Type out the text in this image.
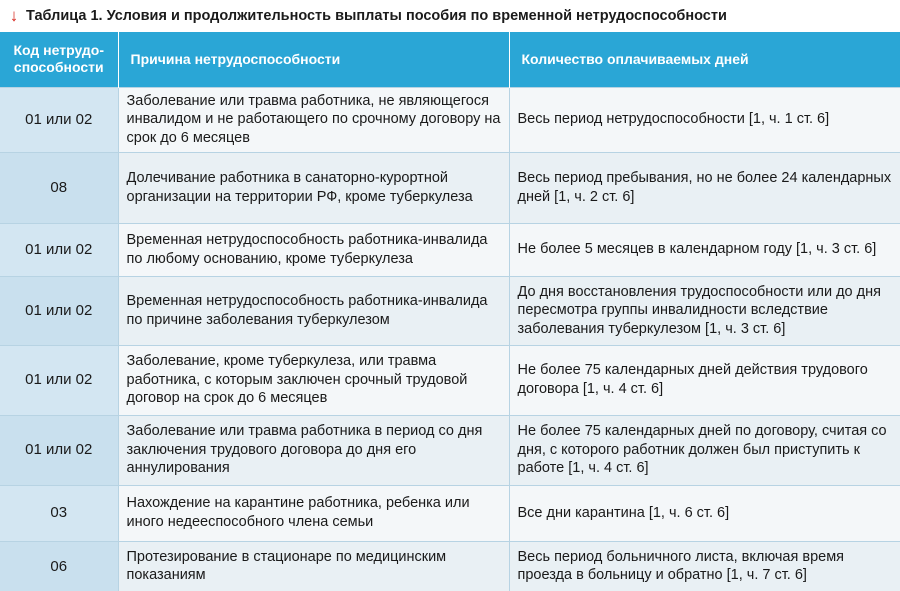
↓ Таблица 1. Условия и продолжительность выплаты пособия по временной нетрудоспособности
Код нетрудо-способности	Причина нетрудоспособности	Количество оплачиваемых дней
01 или 02	Заболевание или травма работника, не являющегося инвалидом и не работающего по срочному договору на срок до 6 месяцев	Весь период нетрудоспособности [1, ч. 1 ст. 6]
08	Долечивание работника в санаторно-курортной организации на территории РФ, кроме туберкулеза	Весь период пребывания, но не более 24 календарных дней [1, ч. 2 ст. 6]
01 или 02	Временная нетрудоспособность работника-инвалида по любому основанию, кроме туберкулеза	Не более 5 месяцев в календарном году [1, ч. 3 ст. 6]
01 или 02	Временная нетрудоспособность работника-инвалида по причине заболевания туберкулезом	До дня восстановления трудоспособности или до дня пересмотра группы инвалидности вследствие заболевания туберкулезом [1, ч. 3 ст. 6]
01 или 02	Заболевание, кроме туберкулеза, или травма работника, с которым заключен срочный трудовой договор на срок до 6 месяцев	Не более 75 календарных дней действия трудового договора [1, ч. 4 ст. 6]
01 или 02	Заболевание или травма работника в период со дня заключения трудового договора до дня его аннулирования	Не более 75 календарных дней по договору, считая со дня, с которого работник должен был приступить к работе [1, ч. 4 ст. 6]
03	Нахождение на карантине работника, ребенка или иного недееспособного члена семьи	Все дни карантина [1, ч. 6 ст. 6]
06	Протезирование в стационаре по медицинским показаниям	Весь период больничного листа, включая время проезда в больницу и обратно [1, ч. 7 ст. 6]
